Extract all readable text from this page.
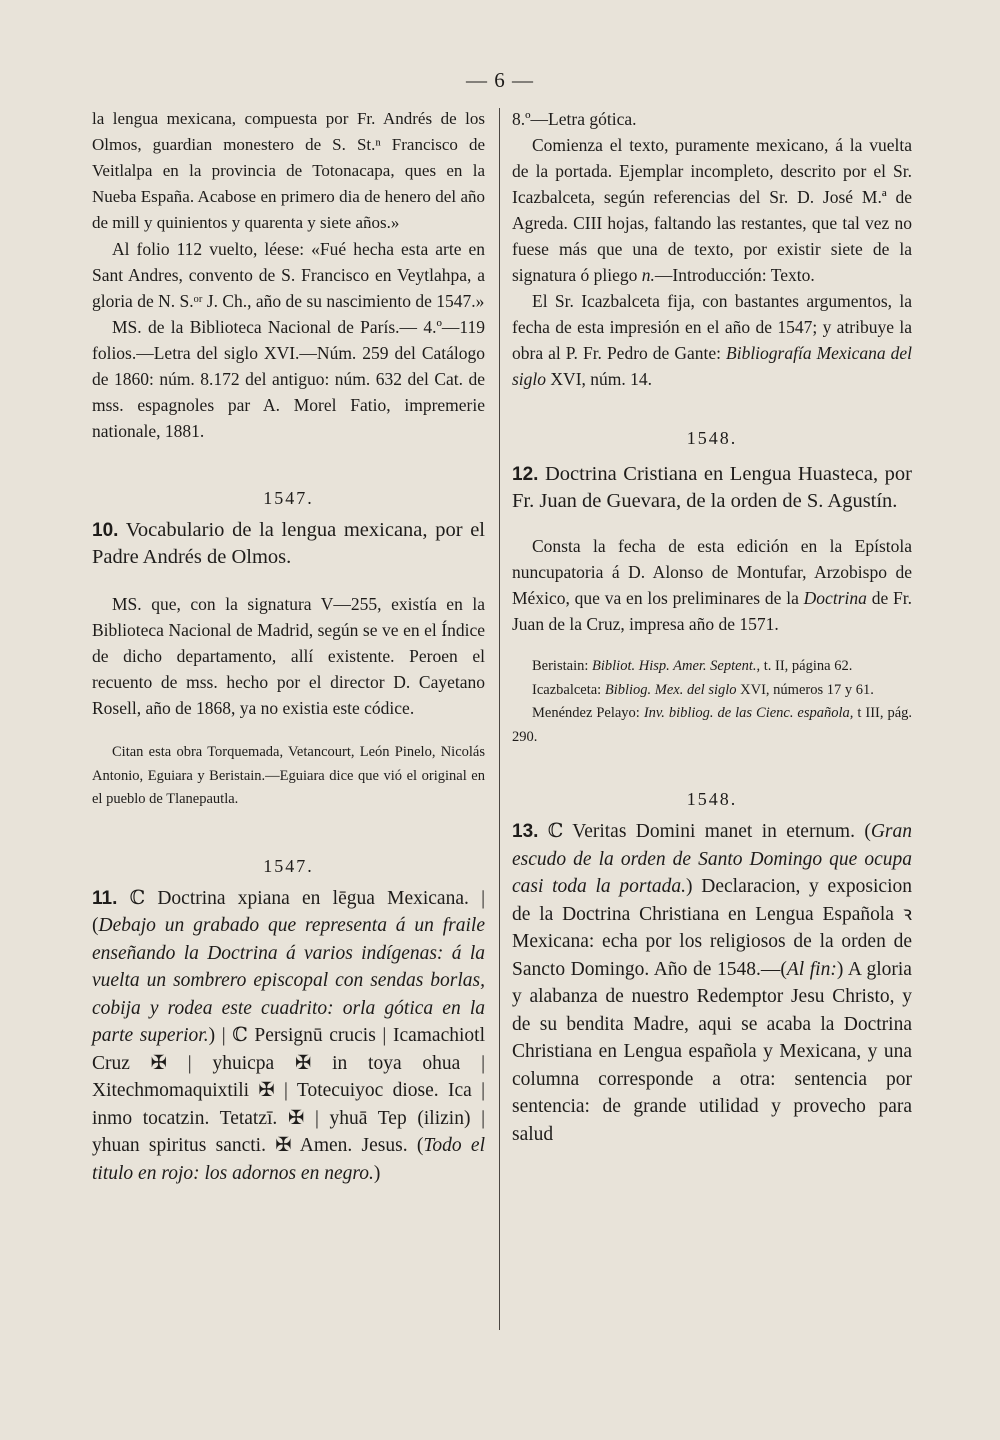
— 6 —

la lengua mexicana, compuesta por Fr. Andrés de los Olmos, guardian monestero de S. St.ⁿ Francisco de Veitlalpa en la provincia de Totonacapa, ques en la Nueba España. Acabose en primero dia de henero del año de mill y quinientos y quarenta y siete años.»

Al folio 112 vuelto, léese: «Fué hecha esta arte en Sant Andres, convento de S. Francisco en Veytlahpa, a gloria de N. S.ᵒʳ J. Ch., año de su nascimiento de 1547.»

MS. de la Biblioteca Nacional de París.— 4.º—119 folios.—Letra del siglo XVI.—Núm. 259 del Catálogo de 1860: núm. 8.172 del antiguo: núm. 632 del Cat. de mss. espagnoles par A. Morel Fatio, impremerie nationale, 1881.

1547.

10. Vocabulario de la lengua mexicana, por el Padre Andrés de Olmos.

MS. que, con la signatura V—255, existía en la Biblioteca Nacional de Madrid, según se ve en el Índice de dicho departamento, allí existente. Peroen el recuento de mss. hecho por el director D. Cayetano Rosell, año de 1868, ya no existia este códice.

Citan esta obra Torquemada, Vetancourt, León Pinelo, Nicolás Antonio, Eguiara y Beristain.—Eguiara dice que vió el original en el pueblo de Tlanepautla.

1547.

11. ℂ Doctrina xpiana en lēgua Mexicana. | (Debajo un grabado que representa á un fraile enseñando la Doctrina á varios indígenas: á la vuelta un sombrero episcopal con sendas borlas, cobija y rodea este cuadrito: orla gótica en la parte superior.) | ℂ Persignū crucis | Icamachiotl Cruz ✠ | yhuicpa ✠ in toya ohua | Xitechmomaquixtili ✠ | Totecuiyoc diose. Ica | inmo tocatzin. Tetatzī. ✠ | yhuā Tep (ilizin) | yhuan spiritus sancti. ✠ Amen. Jesus. (Todo el titulo en rojo: los adornos en negro.)

8.º—Letra gótica.

Comienza el texto, puramente mexicano, á la vuelta de la portada. Ejemplar incompleto, descrito por el Sr. Icazbalceta, según referencias del Sr. D. José M.ª de Agreda. CIII hojas, faltando las restantes, que tal vez no fuese más que una de texto, por existir siete de la signatura ó pliego n.—Introducción: Texto.

El Sr. Icazbalceta fija, con bastantes argumentos, la fecha de esta impresión en el año de 1547; y atribuye la obra al P. Fr. Pedro de Gante: Bibliografía Mexicana del siglo XVI, núm. 14.

1548.

12. Doctrina Cristiana en Lengua Huasteca, por Fr. Juan de Guevara, de la orden de S. Agustín.

Consta la fecha de esta edición en la Epístola nuncupatoria á D. Alonso de Montufar, Arzobispo de México, que va en los preliminares de la Doctrina de Fr. Juan de la Cruz, impresa año de 1571.

Beristain: Bibliot. Hisp. Amer. Septent., t. II, página 62.

Icazbalceta: Bibliog. Mex. del siglo XVI, números 17 y 61.

Menéndez Pelayo: Inv. bibliog. de las Cienc. española, t III, pág. 290.

1548.

13. ℂ Veritas Domini manet in eternum. (Gran escudo de la orden de Santo Domingo que ocupa casi toda la portada.) Declaracion, y exposicion de la Doctrina Christiana en Lengua Española ꝛ Mexicana: echa por los religiosos de la orden de Sancto Domingo. Año de 1548.—(Al fin:) A gloria y alabanza de nuestro Redemptor Jesu Christo, y de su bendita Madre, aqui se acaba la Doctrina Christiana en Lengua española y Mexicana, y una columna corresponde a otra: sentencia por sentencia: de grande utilidad y provecho para salud
